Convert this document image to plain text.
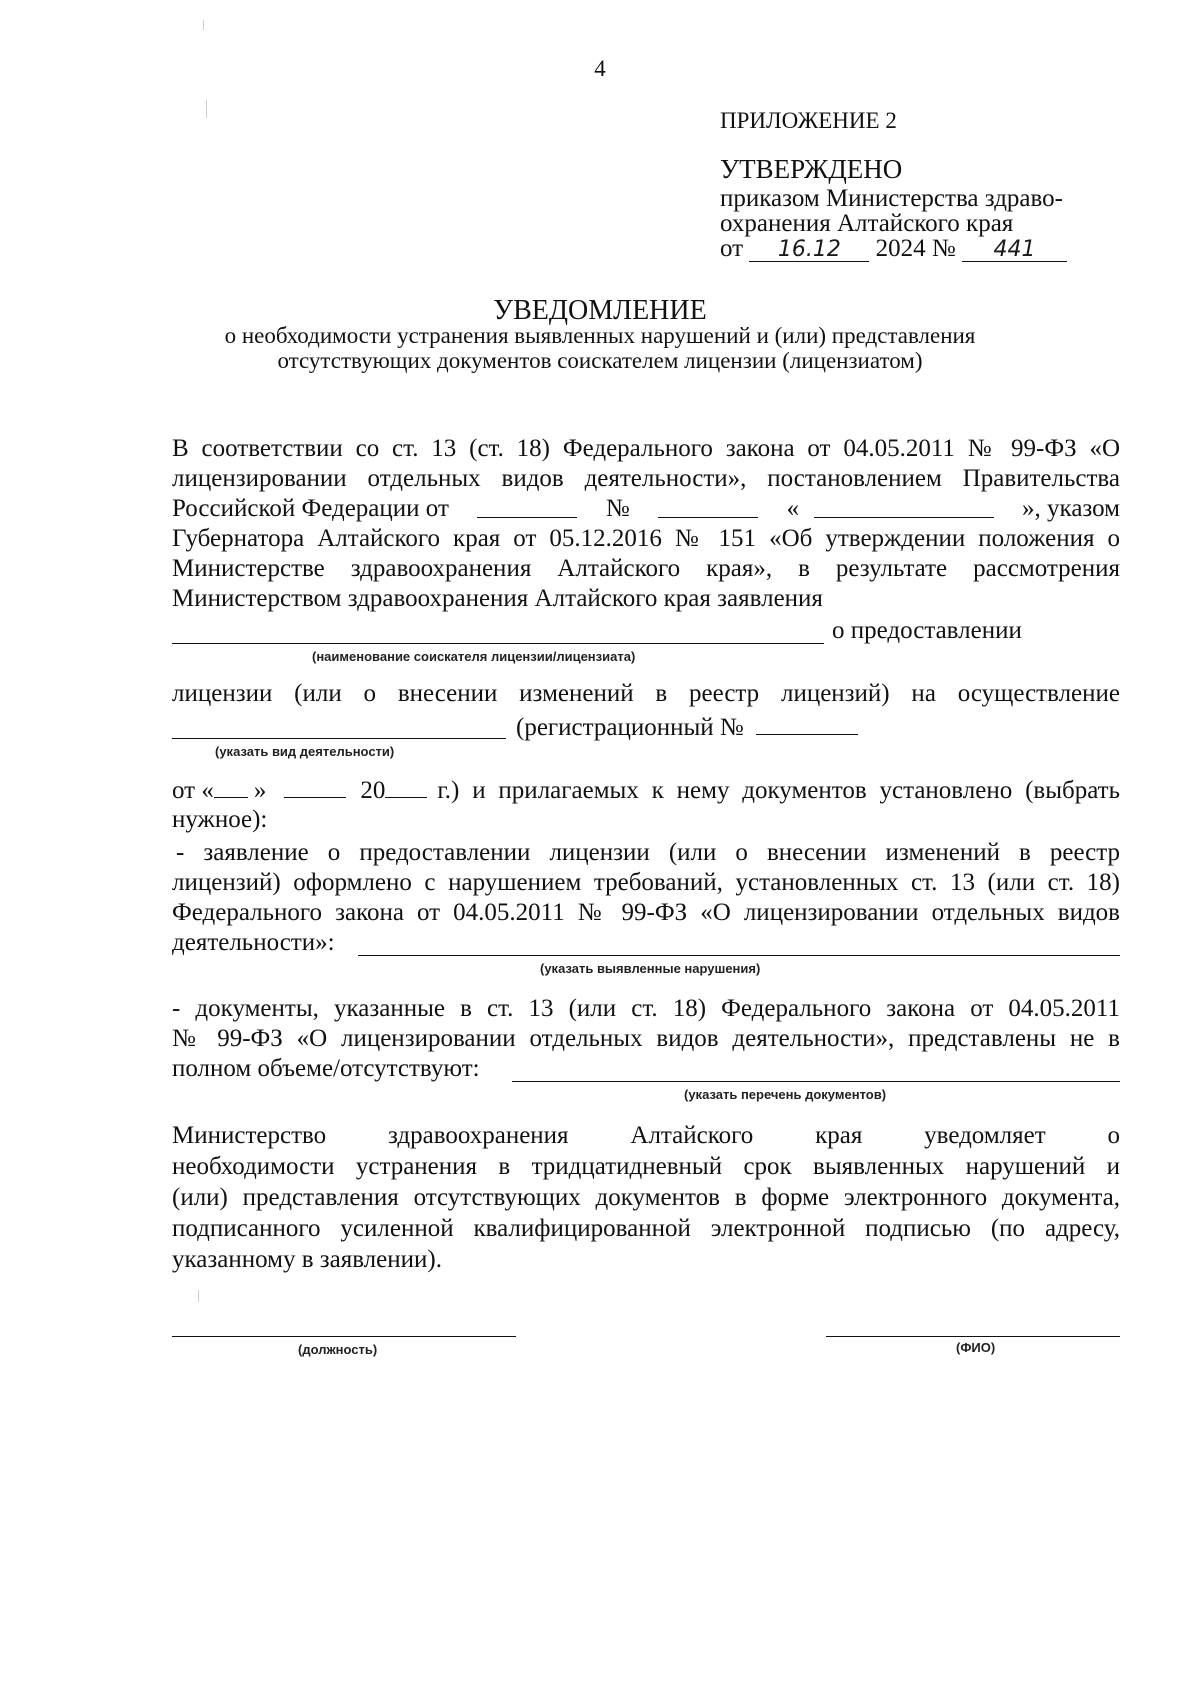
4
ПРИЛОЖЕНИЕ 2
УТВЕРЖДЕНО
приказом Министерства здраво-
охранения Алтайского края
от 16.12 2024 № 441
УВЕДОМЛЕНИЕ
о необходимости устранения выявленных нарушений и (или) представления
отсутствующих документов соискателем лицензии (лицензиатом)
В соответствии со ст. 13 (ст. 18) Федерального закона от 04.05.2011 № 99-ФЗ «О
лицензировании отдельных видов деятельности», постановлением Правительства
Российской Федерации от	№	«	», указом
Губернатора Алтайского края от 05.12.2016 № 151 «Об утверждении положения о
Министерстве здравоохранения Алтайского края», в результате рассмотрения
Министерством здравоохранения Алтайского края заявления
о предоставлении
(наименование соискателя лицензии/лицензиата)
лицензии (или о внесении изменений в реестр лицензий) на осуществление
(регистрационный №
(указать вид деятельности)
от « »	20 г.) и прилагаемых к нему документов установлено (выбрать
нужное):
- заявление о предоставлении лицензии (или о внесении изменений в реестр
лицензий) оформлено с нарушением требований, установленных ст. 13 (или ст. 18)
Федерального закона от 04.05.2011 № 99-ФЗ «О лицензировании отдельных видов
деятельности»:
(указать выявленные нарушения)
- документы, указанные в ст. 13 (или ст. 18) Федерального закона от 04.05.2011
№ 99-ФЗ «О лицензировании отдельных видов деятельности», представлены не в
полном объеме/отсутствуют:
(указать перечень документов)
Министерство здравоохранения Алтайского края уведомляет о
необходимости устранения в тридцатидневный срок выявленных нарушений и
(или) представления отсутствующих документов в форме электронного документа,
подписанного усиленной квалифицированной электронной подписью (по адресу,
указанному в заявлении).
(должность)	(ФИО)
